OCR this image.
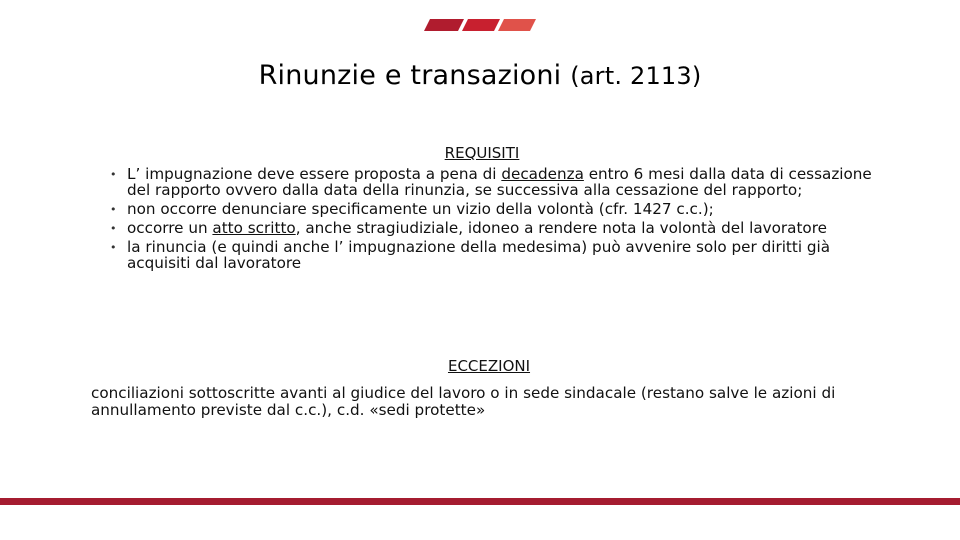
Rinunzie e transazioni (art. 2113)
REQUISITI
• L’ impugnazione deve essere proposta a pena di decadenza entro 6 mesi dalla data di cessazione del rapporto ovvero dalla data della rinunzia, se successiva alla cessazione del rapporto;
• non occorre denunciare specificamente un vizio della volontà (cfr. 1427 c.c.);
• occorre un atto scritto, anche stragiudiziale, idoneo a rendere nota la volontà del lavoratore
• la rinuncia (e quindi anche l’ impugnazione della medesima) può avvenire solo per diritti già acquisiti dal lavoratore
ECCEZIONI

conciliazioni sottoscritte avanti al giudice del lavoro o in sede sindacale (restano salve le azioni di annullamento previste dal c.c.), c.d. «sedi protette»
